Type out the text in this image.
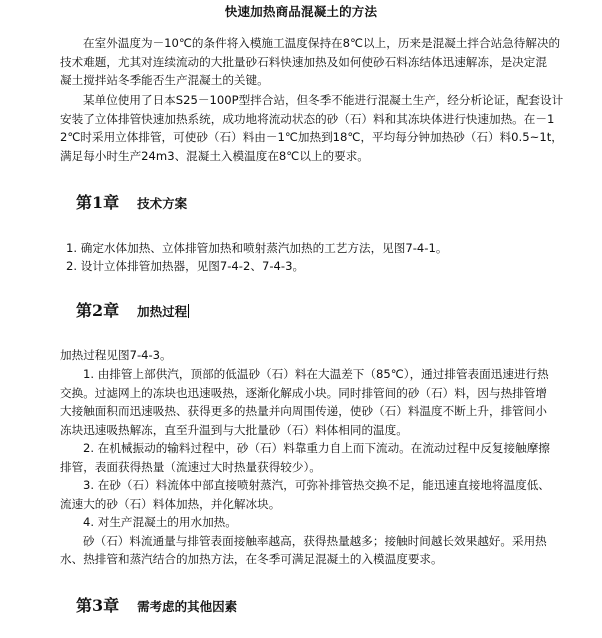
快速加热商品混凝土的方法
在室外温度为－10℃的条件将入模施工温度保持在8℃以上，历来是混凝土拌合站急待解决的
技术难题，尤其对连续流动的大批量砂石料快速加热及如何使砂石料冻结体迅速解冻，是决定混
凝土搅拌站冬季能否生产混凝土的关键。
某单位使用了日本S25－100P型拌合站，但冬季不能进行混凝土生产，经分析论证，配套设计
安装了立体排管快速加热系统，成功地将流动状态的砂（石）料和其冻块体进行快速加热。在－1
2℃时采用立体排管，可使砂（石）料由－1℃加热到18℃，平均每分钟加热砂（石）料0.5~1t，
满足每小时生产24m3、混凝土入模温度在8℃以上的要求。
第1章 技术方案
1. 确定水体加热、立体排管加热和喷射蒸汽加热的工艺方法，见图7-4-1。
2. 设计立体排管加热器，见图7-4-2、7-4-3。
第2章 加热过程
加热过程见图7-4-3。
1. 由排管上部供汽，顶部的低温砂（石）料在大温差下（85℃），通过排管表面迅速进行热
交换。过滤网上的冻块也迅速吸热，逐渐化解成小块。同时排管间的砂（石）料，因与热排管增
大接触面积而迅速吸热、获得更多的热量并向周围传递，使砂（石）料温度不断上升，排管间小
冻块迅速吸热解冻，直至升温到与大批量砂（石）料体相同的温度。
2. 在机械振动的输料过程中，砂（石）料靠重力自上而下流动。在流动过程中反复接触摩擦
排管，表面获得热量（流速过大时热量获得较少）。
3. 在砂（石）料流体中部直接喷射蒸汽，可弥补排管热交换不足，能迅速直接地将温度低、
流速大的砂（石）料体加热，并化解冰块。
4. 对生产混凝土的用水加热。
砂（石）料流通量与排管表面接触率越高，获得热量越多；接触时间越长效果越好。采用热
水、热排管和蒸汽结合的加热方法，在冬季可满足混凝土的入模温度要求。
第3章 需考虑的其他因素
